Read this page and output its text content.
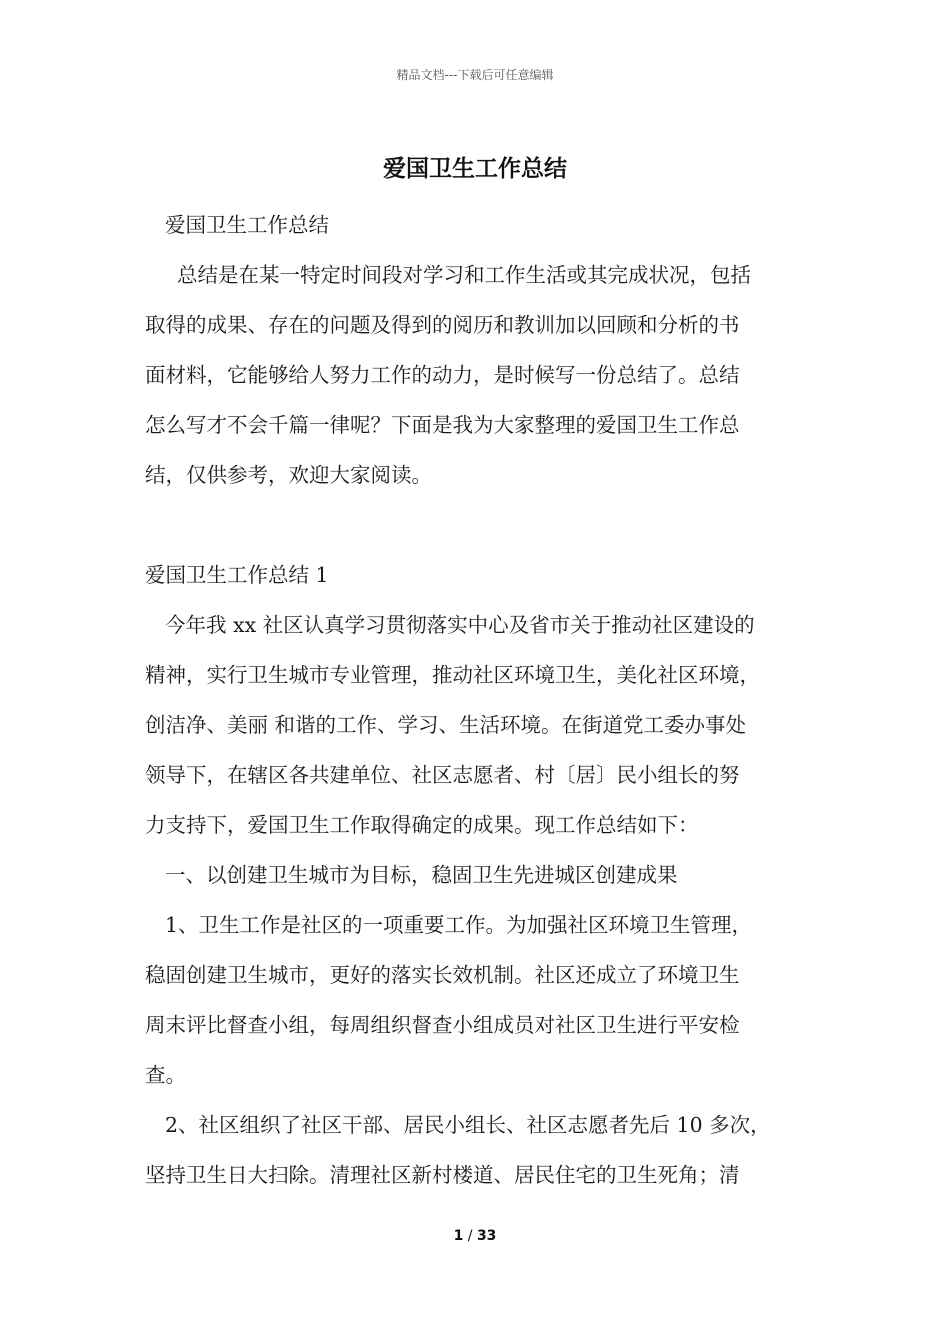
精品文档---下载后可任意编辑
爱国卫生工作总结
爱国卫生工作总结
总结是在某一特定时间段对学习和工作生活或其完成状况，包括
取得的成果、存在的问题及得到的阅历和教训加以回顾和分析的书
面材料，它能够给人努力工作的动力，是时候写一份总结了。总结
怎么写才不会千篇一律呢？下面是我为大家整理的爱国卫生工作总
结，仅供参考，欢迎大家阅读。
爱国卫生工作总结 1
今年我 xx 社区认真学习贯彻落实中心及省市关于推动社区建设的
精神，实行卫生城市专业管理，推动社区环境卫生，美化社区环境，
创洁净、美丽 和谐的工作、学习、生活环境。在街道党工委办事处
领导下，在辖区各共建单位、社区志愿者、村〔居〕民小组长的努
力支持下，爱国卫生工作取得确定的成果。现工作总结如下：
一、以创建卫生城市为目标，稳固卫生先进城区创建成果
1、卫生工作是社区的一项重要工作。为加强社区环境卫生管理，
稳固创建卫生城市，更好的落实长效机制。社区还成立了环境卫生
周末评比督查小组，每周组织督查小组成员对社区卫生进行平安检
查。
2、社区组织了社区干部、居民小组长、社区志愿者先后 10 多次，
坚持卫生日大扫除。清理社区新村楼道、居民住宅的卫生死角；清
1 / 33
